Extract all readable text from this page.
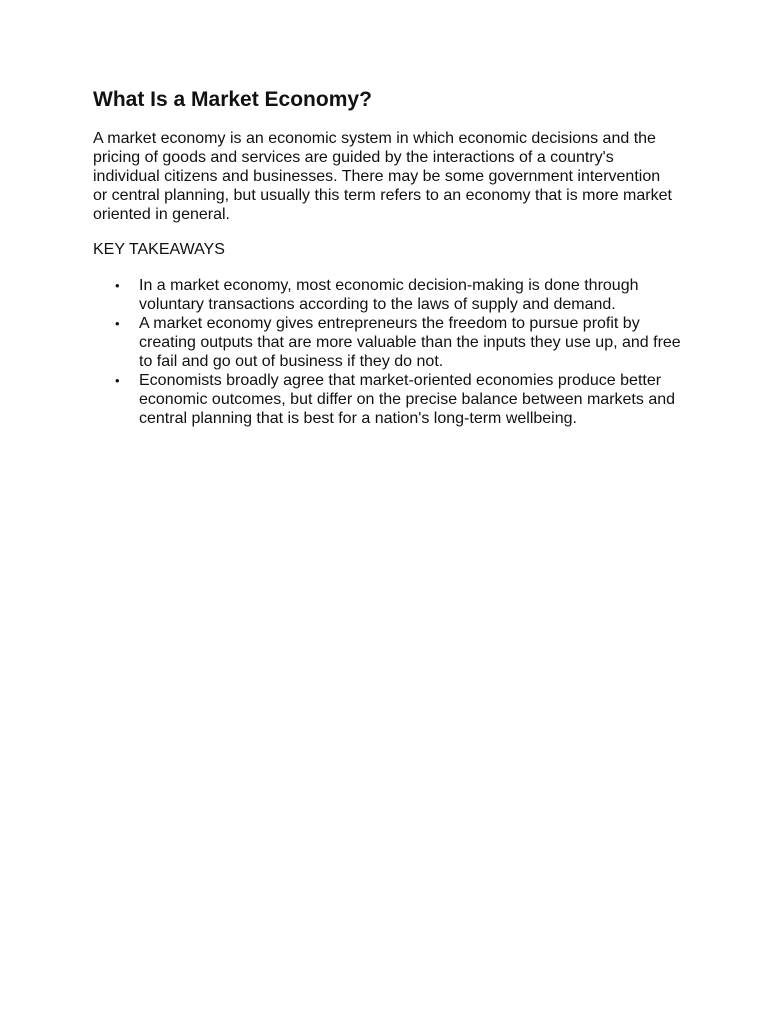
What Is a Market Economy?

A market economy is an economic system in which economic decisions and the pricing of goods and services are guided by the interactions of a country's individual citizens and businesses. There may be some government intervention or central planning, but usually this term refers to an economy that is more market oriented in general.

KEY TAKEAWAYS

• In a market economy, most economic decision-making is done through voluntary transactions according to the laws of supply and demand.
• A market economy gives entrepreneurs the freedom to pursue profit by creating outputs that are more valuable than the inputs they use up, and free to fail and go out of business if they do not.
• Economists broadly agree that market-oriented economies produce better economic outcomes, but differ on the precise balance between markets and central planning that is best for a nation's long-term wellbeing.
